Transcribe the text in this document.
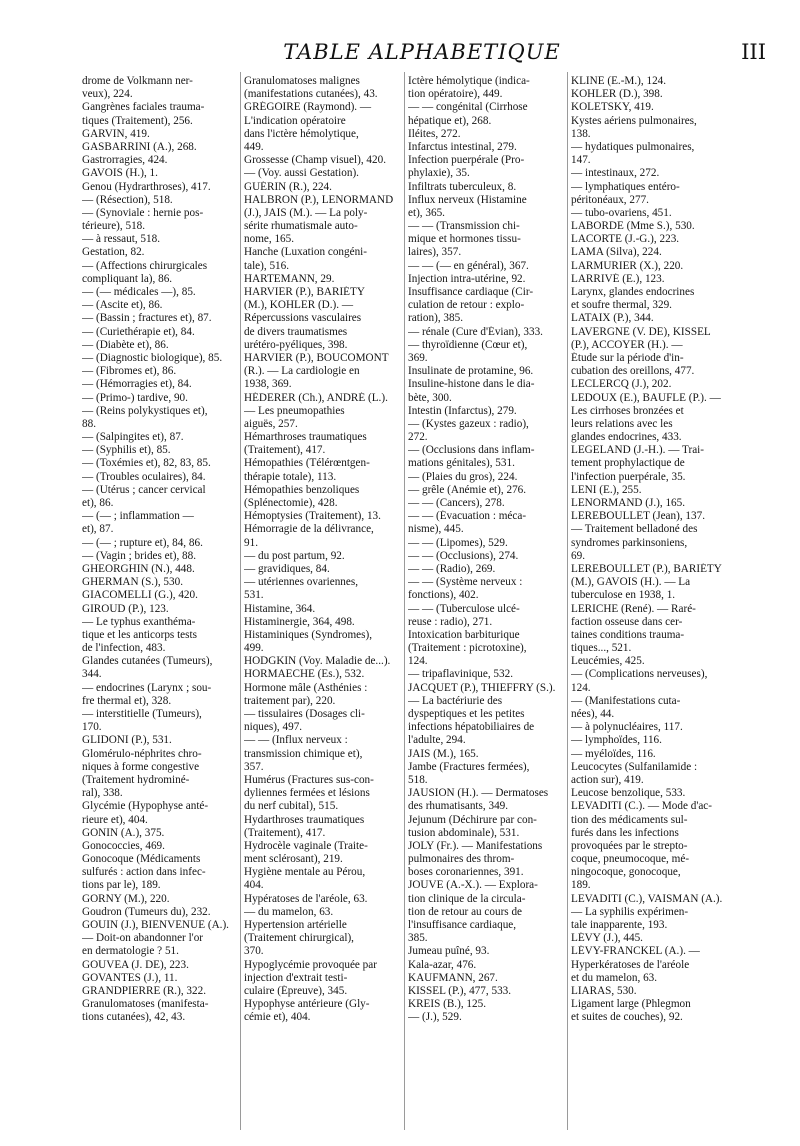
TABLE ALPHABETIQUE	III
drome de Volkmann ner-
veux), 224.
Gangrènes faciales trauma-
tiques (Traitement), 256.
GARVIN, 419.
GASBARRINI (A.), 268.
Gastrorragies, 424.
GAVOIS (H.), 1.
Genou (Hydrarthroses), 417.
— (Résection), 518.
— (Synoviale : hernie pos-
térieure), 518.
— à ressaut, 518.
Gestation, 82.
— (Affections chirurgicales
compliquant la), 86.
— (— médicales —), 85.
— (Ascite et), 86.
— (Bassin ; fractures et), 87.
— (Curiethérapie et), 84.
— (Diabète et), 86.
— (Diagnostic biologique), 85.
— (Fibromes et), 86.
— (Hémorragies et), 84.
— (Primo-) tardive, 90.
— (Reins polykystiques et),
88.
— (Salpingites et), 87.
— (Syphilis et), 85.
— (Toxémies et), 82, 83, 85.
— (Troubles oculaires), 84.
— (Utérus ; cancer cervical
et), 86.
— (— ; inflammation —
et), 87.
— (— ; rupture et), 84, 86.
— (Vagin ; brides et), 88.
GHEORGHIN (N.), 448.
GHERMAN (S.), 530.
GIACOMELLI (G.), 420.
GIROUD (P.), 123.
— Le typhus exanthéma-
tique et les anticorps tests
de l'infection, 483.
Glandes cutanées (Tumeurs),
344.
— endocrines (Larynx ; sou-
fre thermal et), 328.
— interstitielle (Tumeurs),
170.
GLIDONI (P.), 531.
Glomérulo-néphrites chro-
niques à forme congestive
(Traitement hydrominé-
ral), 338.
Glycémie (Hypophyse anté-
rieure et), 404.
GONIN (A.), 375.
Gonococcies, 469.
Gonocoque (Médicaments
sulfurés : action dans infec-
tions par le), 189.
GORNY (M.), 220.
Goudron (Tumeurs du), 232.
GOUIN (J.), BIENVENUE (A.).
— Doit-on abandonner l'or
en dermatologie ? 51.
GOUVEA (J. DE), 223.
GOVANTES (J.), 11.
GRANDPIERRE (R.), 322.
Granulomatoses (manifesta-
tions cutanées), 42, 43.
Granulomatoses malignes
(manifestations cutanées), 43.
GRÉGOIRE (Raymond). —
L'indication opératoire
dans l'ictère hémolytique,
449.
Grossesse (Champ visuel), 420.
— (Voy. aussi Gestation).
GUÉRIN (R.), 224.
HALBRON (P.), LENORMAND
(J.), JAIS (M.). — La poly-
sérite rhumatismale auto-
nome, 165.
Hanche (Luxation congéni-
tale), 516.
HARTEMANN, 29.
HARVIER (P.), BARIÉTY
(M.), KOHLER (D.). —
Répercussions vasculaires
de divers traumatismes
urétéro-pyéliques, 398.
HARVIER (P.), BOUCOMONT
(R.). — La cardiologie en
1938, 369.
HÉDERER (Ch.), ANDRÉ (L.).
— Les pneumopathies
aiguës, 257.
Hémarthroses traumatiques
(Traitement), 417.
Hémopathies (Télérœntgen-
thérapie totale), 113.
Hémopathies benzoliques
(Splénectomie), 428.
Hémoptysies (Traitement), 13.
Hémorragie de la délivrance,
91.
— du post partum, 92.
— gravidiques, 84.
— utériennes ovariennes,
531.
Histamine, 364.
Histaminergie, 364, 498.
Histaminiques (Syndromes),
499.
HODGKIN (Voy. Maladie de...).
HORMAECHE (Es.), 532.
Hormone mâle (Asthénies :
traitement par), 220.
— tissulaires (Dosages cli-
niques), 497.
— — (Influx nerveux :
transmission chimique et),
357.
Humérus (Fractures sus-con-
dyliennes fermées et lésions
du nerf cubital), 515.
Hydarthroses traumatiques
(Traitement), 417.
Hydrocèle vaginale (Traite-
ment sclérosant), 219.
Hygiène mentale au Pérou,
404.
Hypératoses de l'aréole, 63.
— du mamelon, 63.
Hypertension artérielle
(Traitement chirurgical),
370.
Hypoglycémie provoquée par
injection d'extrait testi-
culaire (Épreuve), 345.
Hypophyse antérieure (Gly-
cémie et), 404.
Ictère hémolytique (indica-
tion opératoire), 449.
— — congénital (Cirrhose
hépatique et), 268.
Iléites, 272.
Infarctus intestinal, 279.
Infection puerpérale (Pro-
phylaxie), 35.
Infiltrats tuberculeux, 8.
Influx nerveux (Histamine
et), 365.
— — (Transmission chi-
mique et hormones tissu-
laires), 357.
— — (— en général), 367.
Injection intra-utérine, 92.
Insuffisance cardiaque (Cir-
culation de retour : explo-
ration), 385.
— rénale (Cure d'Évian), 333.
— thyroïdienne (Cœur et),
369.
Insulinate de protamine, 96.
Insuline-histone dans le dia-
bète, 300.
Intestin (Infarctus), 279.
— (Kystes gazeux : radio),
272.
— (Occlusions dans inflam-
mations génitales), 531.
— (Plaies du gros), 224.
— grêle (Anémie et), 276.
— — (Cancers), 278.
— — (Évacuation : méca-
nisme), 445.
— — (Lipomes), 529.
— — (Occlusions), 274.
— — (Radio), 269.
— — (Système nerveux :
fonctions), 402.
— — (Tuberculose ulcé-
reuse : radio), 271.
Intoxication barbiturique
(Traitement : picrotoxine),
124.
— tripaflavinique, 532.
JACQUET (P.), THIEFFRY (S.).
— La bactériurie des
dyspeptiques et les petites
infections hépatobiliaires de
l'adulte, 294.
JAIS (M.), 165.
Jambe (Fractures fermées),
518.
JAUSION (H.). — Dermatoses
des rhumatisants, 349.
Jejunum (Déchirure par con-
tusion abdominale), 531.
JOLY (Fr.). — Manifestations
pulmonaires des throm-
boses coronariennes, 391.
JOUVE (A.-X.). — Explora-
tion clinique de la circula-
tion de retour au cours de
l'insuffisance cardiaque,
385.
Jumeau puîné, 93.
Kala-azar, 476.
KAUFMANN, 267.
KISSEL (P.), 477, 533.
KREIS (B.), 125.
— (J.), 529.
KLINE (E.-M.), 124.
KOHLER (D.), 398.
KOLETSKY, 419.
Kystes aériens pulmonaires,
138.
— hydatiques pulmonaires,
147.
— intestinaux, 272.
— lymphatiques entéro-
péritonéaux, 277.
— tubo-ovariens, 451.
LABORDE (Mme S.), 530.
LACORTE (J.-G.), 223.
LAMA (Silva), 224.
LARMURIER (X.), 220.
LARRIVÉ (E.), 123.
Larynx, glandes endocrines
et soufre thermal, 329.
LATAIX (P.), 344.
LAVERGNE (V. DE), KISSEL
(P.), ACCOYER (H.). —
Étude sur la période d'in-
cubation des oreillons, 477.
LECLERCQ (J.), 202.
LEDOUX (E.), BAUFLE (P.). —
Les cirrhoses bronzées et
leurs relations avec les
glandes endocrines, 433.
LEGELAND (J.-H.). — Trai-
tement prophylactique de
l'infection puerpérale, 35.
LENI (E.), 255.
LENORMAND (J.), 165.
LEREBOULLET (Jean), 137.
— Traitement belladoné des
syndromes parkinsoniens,
69.
LEREBOULLET (P.), BARIÉTY
(M.), GAVOIS (H.). — La
tuberculose en 1938, 1.
LERICHE (René). — Raré-
faction osseuse dans cer-
taines conditions trauma-
tiques..., 521.
Leucémies, 425.
— (Complications nerveuses),
124.
— (Manifestations cuta-
nées), 44.
— à polynucléaires, 117.
— lymphoïdes, 116.
— myéloïdes, 116.
Leucocytes (Sulfanilamide :
action sur), 419.
Leucose benzolique, 533.
LEVADITI (C.). — Mode d'ac-
tion des médicaments sul-
furés dans les infections
provoquées par le strepto-
coque, pneumocoque, mé-
ningocoque, gonocoque,
189.
LEVADITI (C.), VAISMAN (A.).
— La syphilis expérimen-
tale inapparente, 193.
LÉVY (J.), 445.
LÉVY-FRANCKEL (A.). —
Hyperkératoses de l'aréole
et du mamelon, 63.
LIARAS, 530.
Ligament large (Phlegmon
et suites de couches), 92.
